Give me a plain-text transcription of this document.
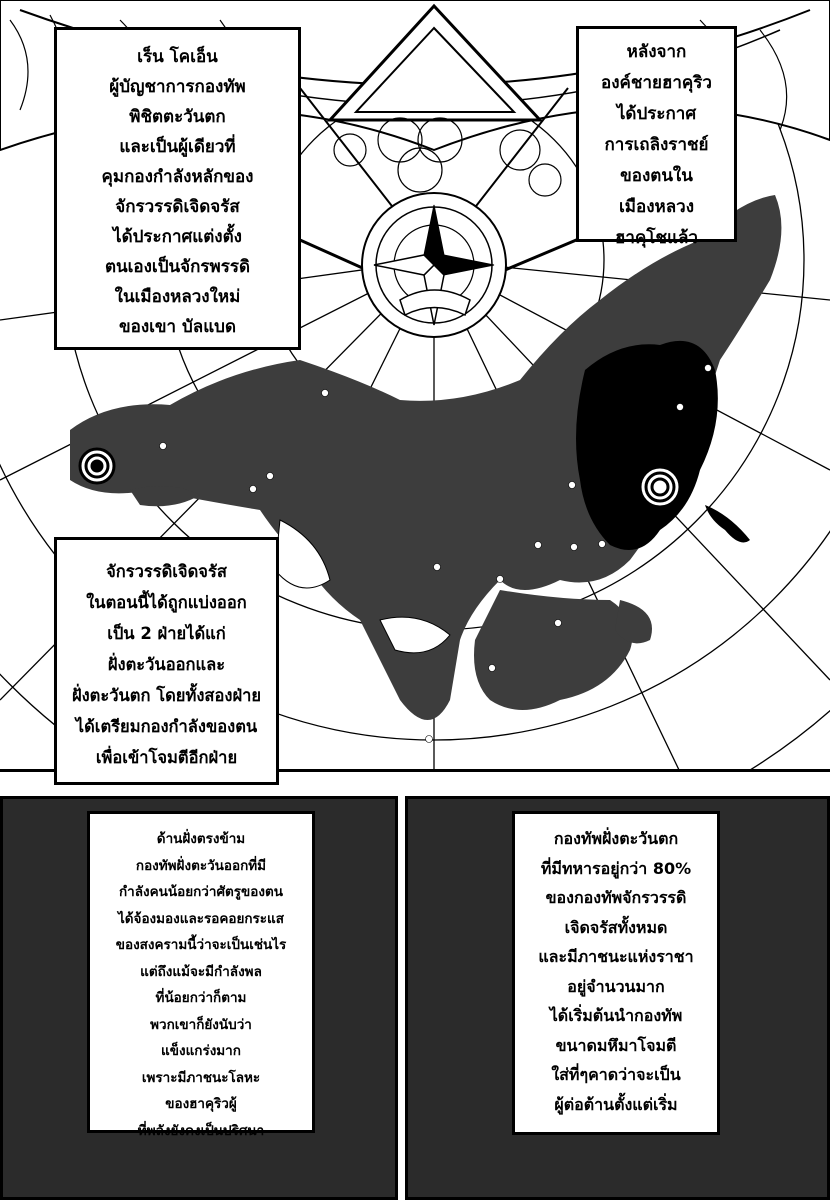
เร็น โคเอ็น
ผู้บัญชาการกองทัพ
พิชิตตะวันตก
และเป็นผู้เดียวที่
คุมกองกำลังหลักของ
จักรวรรดิเจิดจรัส
ได้ประกาศแต่งตั้ง
ตนเองเป็นจักรพรรดิ
ในเมืองหลวงใหม่
ของเขา บัลแบด
หลังจาก
องค์ชายฮาคุริว
ได้ประกาศ
การเถลิงราชย์
ของตนใน
เมืองหลวง
ฮาคุโชแล้ว
จักรวรรดิเจิดจรัส
ในตอนนี้ได้ถูกแบ่งออก
เป็น 2 ฝ่ายได้แก่
ฝั่งตะวันออกและ
ฝั่งตะวันตก โดยทั้งสองฝ่าย
ได้เตรียมกองกำลังของตน
เพื่อเข้าโจมตีอีกฝ่าย
ด้านฝั่งตรงข้าม
กองทัพฝั่งตะวันออกที่มี
กำลังคนน้อยกว่าศัตรูของตน
ได้จ้องมองและรอคอยกระแส
ของสงครามนี้ว่าจะเป็นเช่นไร
แต่ถึงแม้จะมีกำลังพล
ที่น้อยกว่าก็ตาม
พวกเขาก็ยังนับว่า
แข็งแกร่งมาก
เพราะมีภาชนะโลหะ
ของฮาคุริวผู้
ที่พลังยังคงเป็นปริศนา
กองทัพฝั่งตะวันตก
ที่มีทหารอยู่กว่า 80%
ของกองทัพจักรวรรดิ
เจิดจรัสทั้งหมด
และมีภาชนะแห่งราชา
อยู่จำนวนมาก
ได้เริ่มต้นนำกองทัพ
ขนาดมหึมาโจมตี
ใส่ที่ๆคาดว่าจะเป็น
ผู้ต่อต้านตั้งแต่เริ่ม
